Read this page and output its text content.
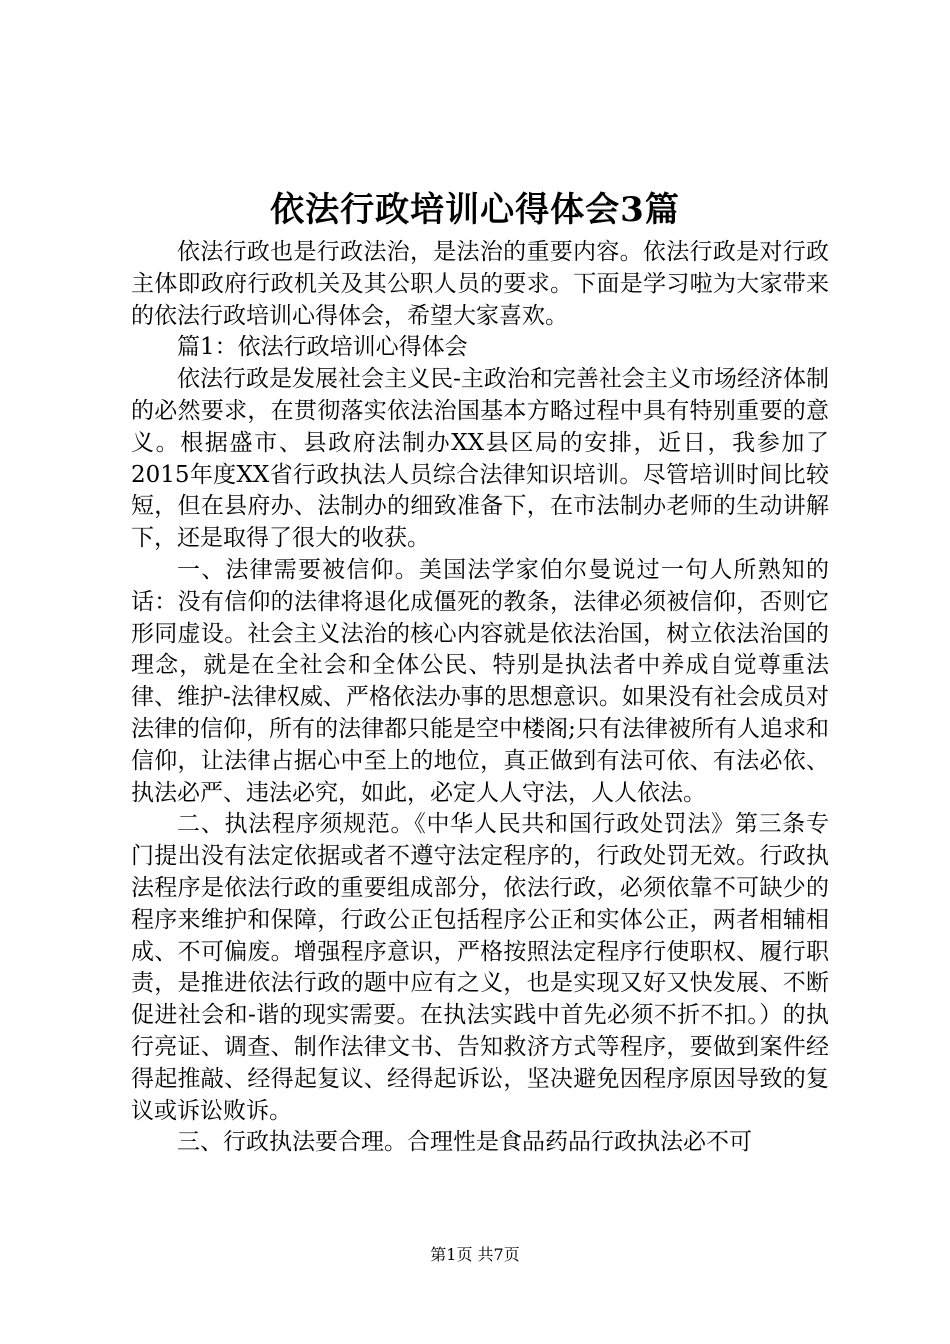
依法行政培训心得体会3篇

依法行政也是行政法治，是法治的重要内容。依法行政是对行政主体即政府行政机关及其公职人员的要求。下面是学习啦为大家带来的依法行政培训心得体会，希望大家喜欢。

篇1：依法行政培训心得体会

依法行政是发展社会主义民-主政治和完善社会主义市场经济体制的必然要求，在贯彻落实依法治国基本方略过程中具有特别重要的意义。根据盛市、县政府法制办XX县区局的安排，近日，我参加了2015年度XX省行政执法人员综合法律知识培训。尽管培训时间比较短，但在县府办、法制办的细致准备下，在市法制办老师的生动讲解下，还是取得了很大的收获。

一、法律需要被信仰。美国法学家伯尔曼说过一句人所熟知的话：没有信仰的法律将退化成僵死的教条，法律必须被信仰，否则它形同虚设。社会主义法治的核心内容就是依法治国，树立依法治国的理念，就是在全社会和全体公民、特别是执法者中养成自觉尊重法律、维护-法律权威、严格依法办事的思想意识。如果没有社会成员对法律的信仰，所有的法律都只能是空中楼阁;只有法律被所有人追求和信仰，让法律占据心中至上的地位，真正做到有法可依、有法必依、执法必严、违法必究，如此，必定人人守法，人人依法。

二、执法程序须规范。《中华人民共和国行政处罚法》第三条专门提出没有法定依据或者不遵守法定程序的，行政处罚无效。行政执法程序是依法行政的重要组成部分，依法行政，必须依靠不可缺少的程序来维护和保障，行政公正包括程序公正和实体公正，两者相辅相成、不可偏废。增强程序意识，严格按照法定程序行使职权、履行职责，是推进依法行政的题中应有之义，也是实现又好又快发展、不断促进社会和-谐的现实需要。在执法实践中首先必须不折不扣。）的执行亮证、调查、制作法律文书、告知救济方式等程序，要做到案件经得起推敲、经得起复议、经得起诉讼，坚决避免因程序原因导致的复议或诉讼败诉。

三、行政执法要合理。合理性是食品药品行政执法必不可

第1页 共7页
